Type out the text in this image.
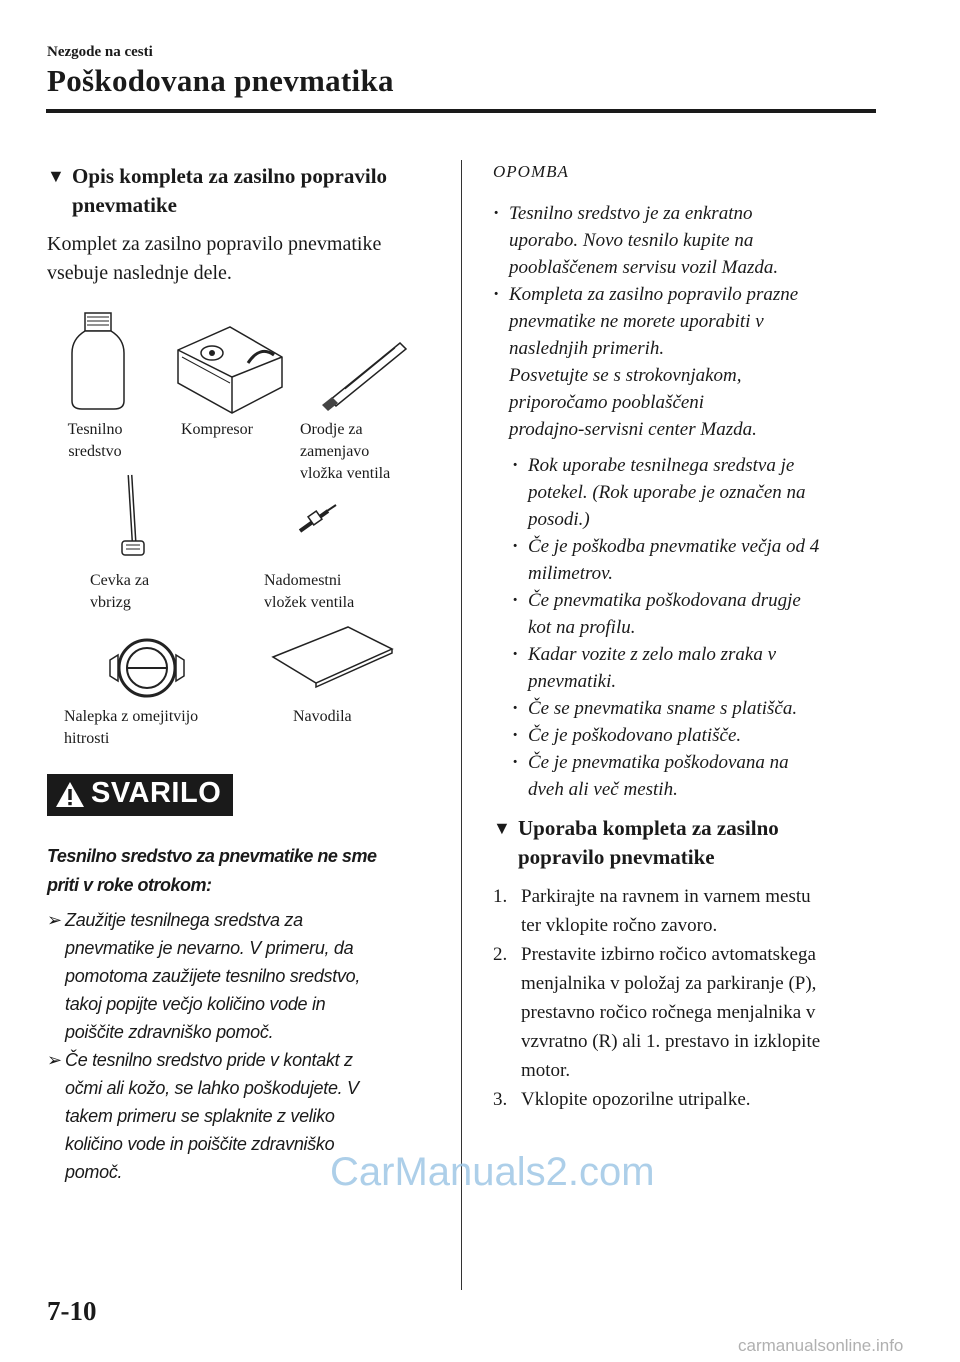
Nezgode na cesti
Poškodovana pnevmatika
▼ Opis kompleta za zasilno popravilo
pnevmatike
Komplet za zasilno popravilo pnevmatike
vsebuje naslednje dele.
Tesnilno
sredstvo
Kompresor	Orodje za
zamenjavo
vložka ventila
Cevka za
vbrizg
Nadomestni
vložek ventila
Nalepka z omejitvijo
hitrosti
Navodila
SVARILO
Tesnilno sredstvo za pnevmatike ne sme
priti v roke otrokom:
➢ Zaužitje tesnilnega sredstva za
pnevmatike je nevarno. V primeru, da
pomotoma zaužijete tesnilno sredstvo,
takoj popijte večjo količino vode in
poiščite zdravniško pomoč.
➢ Če tesnilno sredstvo pride v kontakt z
očmi ali kožo, se lahko poškodujete. V
takem primeru se splaknite z veliko
količino vode in poiščite zdravniško
pomoč.
OPOMBA
· Tesnilno sredstvo je za enkratno
uporabo. Novo tesnilo kupite na
pooblaščenem servisu vozil Mazda.
· Kompleta za zasilno popravilo prazne
pnevmatike ne morete uporabiti v
naslednjih primerih.
Posvetujte se s strokovnjakom,
priporočamo pooblaščeni
prodajno-servisni center Mazda.
· Rok uporabe tesnilnega sredstva je
potekel. (Rok uporabe je označen na
posodi.)
· Če je poškodba pnevmatike večja od 4
milimetrov.
· Če pnevmatika poškodovana drugje
kot na profilu.
· Kadar vozite z zelo malo zraka v
pnevmatiki.
· Če se pnevmatika sname s platišča.
· Če je poškodovano platišče.
· Če je pnevmatika poškodovana na
dveh ali več mestih.
▼ Uporaba kompleta za zasilno
popravilo pnevmatike
1. Parkirajte na ravnem in varnem mestu
ter vklopite ročno zavoro.
2. Prestavite izbirno ročico avtomatskega
menjalnika v položaj za parkiranje (P),
prestavno ročico ročnega menjalnika v
vzvratno (R) ali 1. prestavo in izklopite
motor.
3. Vklopite opozorilne utripalke.
CarManuals2.com
7-10
carmanualsonline.info
